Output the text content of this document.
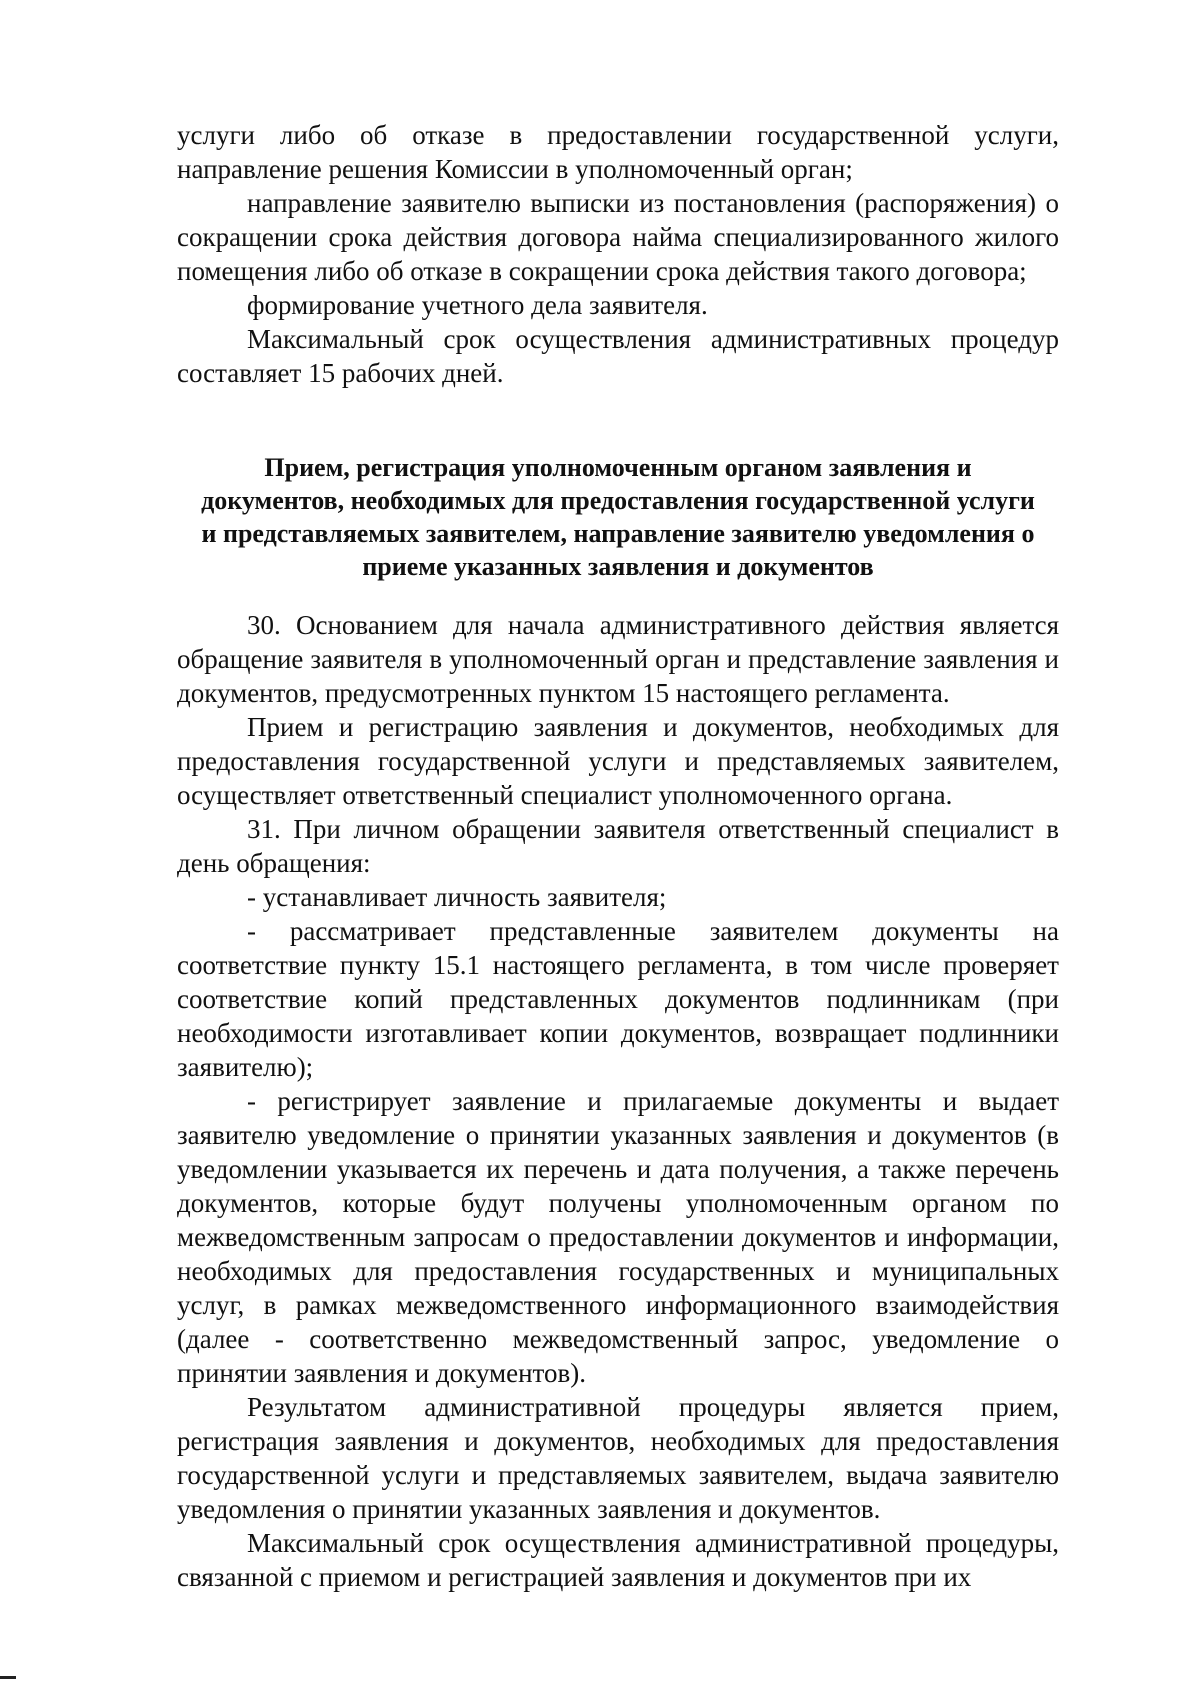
услуги либо об отказе в предоставлении государственной услуги, направление решения Комиссии в уполномоченный орган;

направление заявителю выписки из постановления (распоряжения) о сокращении срока действия договора найма специализированного жилого помещения либо об отказе в сокращении срока действия такого договора;

формирование учетного дела заявителя.

Максимальный срок осуществления административных процедур составляет 15 рабочих дней.

Прием, регистрация уполномоченным органом заявления и
документов, необходимых для предоставления государственной услуги
и представляемых заявителем, направление заявителю уведомления о
приеме указанных заявления и документов

30. Основанием для начала административного действия является обращение заявителя в уполномоченный орган и представление заявления и документов, предусмотренных пунктом 15 настоящего регламента.

Прием и регистрацию заявления и документов, необходимых для предоставления государственной услуги и представляемых заявителем, осуществляет ответственный специалист уполномоченного органа.

31. При личном обращении заявителя ответственный специалист в день обращения:

- устанавливает личность заявителя;

- рассматривает представленные заявителем документы на соответствие пункту 15.1 настоящего регламента, в том числе проверяет соответствие копий представленных документов подлинникам (при необходимости изготавливает копии документов, возвращает подлинники заявителю);

- регистрирует заявление и прилагаемые документы и выдает заявителю уведомление о принятии указанных заявления и документов (в уведомлении указывается их перечень и дата получения, а также перечень документов, которые будут получены уполномоченным органом по межведомственным запросам о предоставлении документов и информации, необходимых для предоставления государственных и муниципальных услуг, в рамках межведомственного информационного взаимодействия (далее - соответственно межведомственный запрос, уведомление о принятии заявления и документов).

Результатом административной процедуры является прием, регистрация заявления и документов, необходимых для предоставления государственной услуги и представляемых заявителем, выдача заявителю уведомления о принятии указанных заявления и документов.

Максимальный срок осуществления административной процедуры, связанной с приемом и регистрацией заявления и документов при их
